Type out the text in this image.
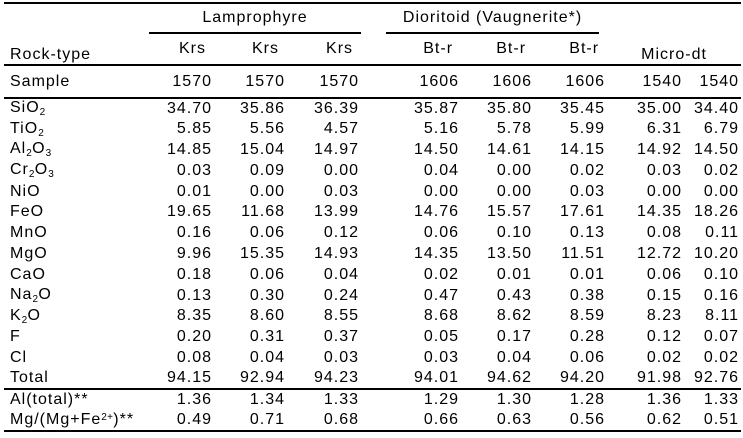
Rock-type	Lamprophyre			Dioritoid (Vaugnerite*)			Micro-dt	
	Krs	Krs	Krs	Bt-r	Bt-r	Bt-r		
Sample	1570	1570	1570	1606	1606	1606	1540	1540
SiO$_2$	34.70	35.86	36.39	35.87	35.80	35.45	35.00	34.40
TiO$_2$	5.85	5.56	4.57	5.16	5.78	5.99	6.31	6.79
$Al_2O_3$	14.85	15.04	14.97	14.50	14.61	14.15	14.92	14.50
$Cr_2O_3$	0.03	0.09	0.00	0.04	0.00	0.02	0.03	0.02
NiO	0.01	0.00	0.03	0.00	0.00	0.03	0.00	0.00
FeO	19.65	11.68	13.99	14.76	15.57	17.61	14.35	18.26
MnO	0.16	0.06	0.12	0.06	0.10	0.13	0.08	0.11
MgO	9.96	15.35	14.93	14.35	13.50	11.51	12.72	10.20
CaO	0.18	0.06	0.04	0.02	0.01	0.01	0.06	0.10
$Na_2O$	0.13	0.30	0.24	0.47	0.43	0.38	0.15	0.16
$K_2O$	8.35	8.60	8.55	8.68	8.62	8.59	8.23	8.11
F	0.20	0.31	0.37	0.05	0.17	0.28	0.12	0.07
Cl	0.08	0.04	0.03	0.03	0.04	0.06	0.02	0.02
Total	94.15	92.94	94.23	94.01	94.62	94.20	91.98	92.76
Al(total)**	1.36	1.34	1.33	1.29	1.30	1.28	1.36	1.33
$Mg/(Mg+Fe^{2+})**$	0.49	0.71	0.68	0.66	0.63	0.56	0.62	0.51
